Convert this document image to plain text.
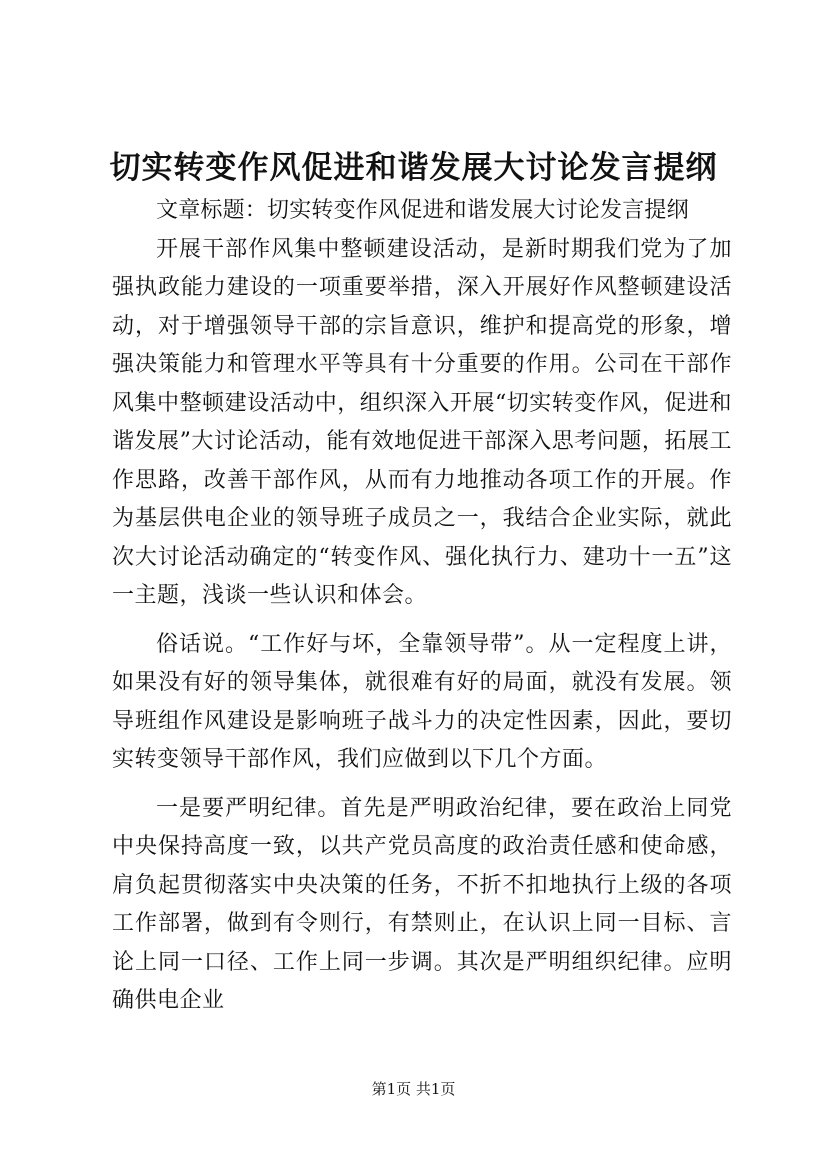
切实转变作风促进和谐发展大讨论发言提纲

文章标题：切实转变作风促进和谐发展大讨论发言提纲

开展干部作风集中整顿建设活动，是新时期我们党为了加强执政能力建设的一项重要举措，深入开展好作风整顿建设活动，对于增强领导干部的宗旨意识，维护和提高党的形象，增强决策能力和管理水平等具有十分重要的作用。公司在干部作风集中整顿建设活动中，组织深入开展“切实转变作风，促进和谐发展”大讨论活动，能有效地促进干部深入思考问题，拓展工作思路，改善干部作风，从而有力地推动各项工作的开展。作为基层供电企业的领导班子成员之一，我结合企业实际，就此次大讨论活动确定的“转变作风、强化执行力、建功十一五”这一主题，浅谈一些认识和体会。

俗话说。“工作好与坏，全靠领导带”。从一定程度上讲，如果没有好的领导集体，就很难有好的局面，就没有发展。领导班组作风建设是影响班子战斗力的决定性因素，因此，要切实转变领导干部作风，我们应做到以下几个方面。

一是要严明纪律。首先是严明政治纪律，要在政治上同党中央保持高度一致，以共产党员高度的政治责任感和使命感，肩负起贯彻落实中央决策的任务，不折不扣地执行上级的各项工作部署，做到有令则行，有禁则止，在认识上同一目标、言论上同一口径、工作上同一步调。其次是严明组织纪律。应明确供电企业

第1页 共1页
